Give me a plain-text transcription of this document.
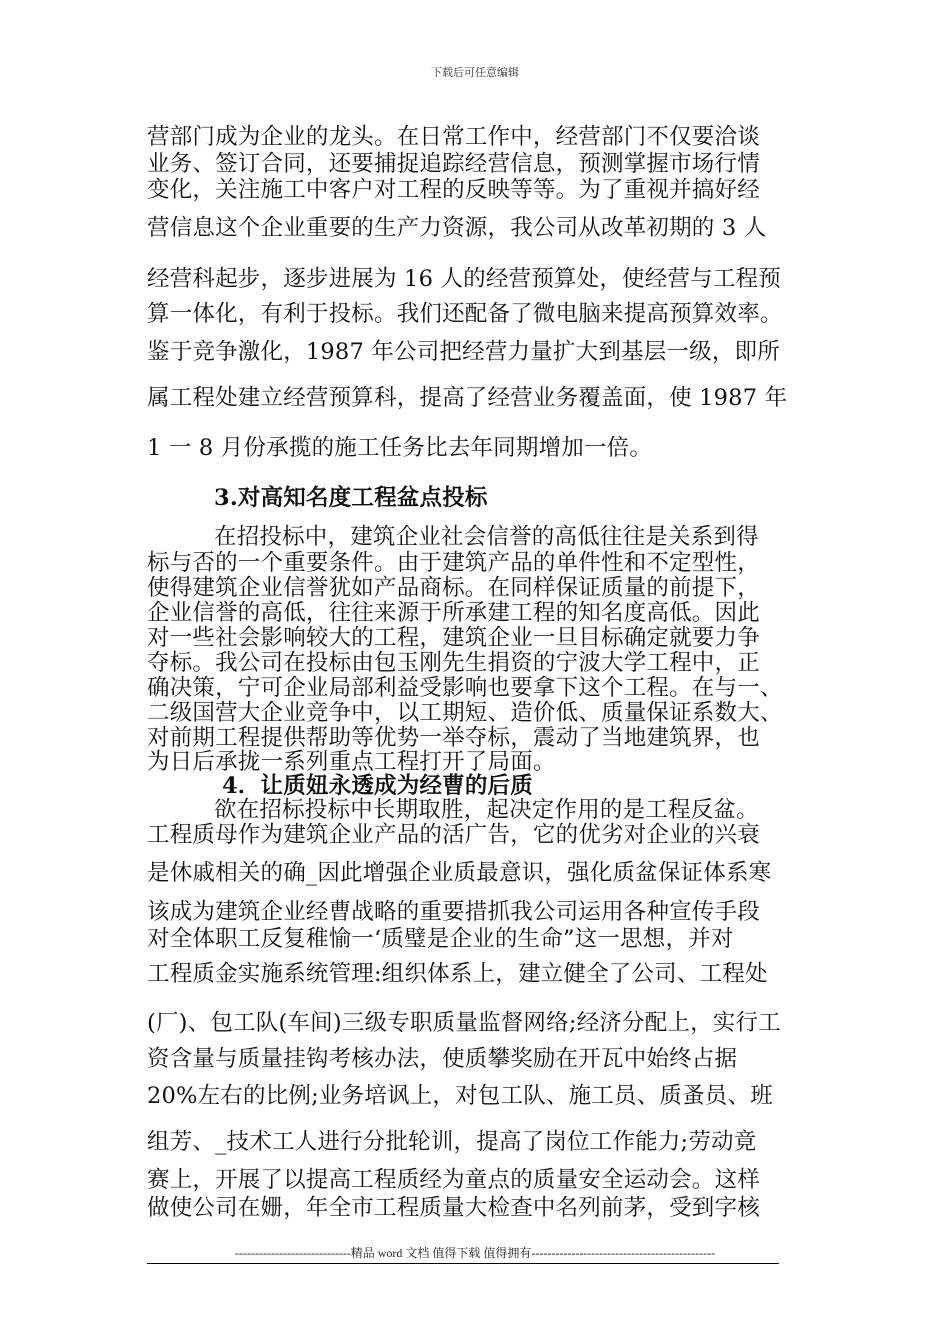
下载后可任意编辑
营部门成为企业的龙头。在日常工作中，经营部门不仅要洽谈
业务、签订合同，还要捕捉追踪经营信息，预测掌握市场行情
变化，关注施工中客户对工程的反映等等。为了重视并搞好经
营信息这个企业重要的生产力资源，我公司从改革初期的 3 人
经营科起步，逐步进展为 16 人的经营预算处，使经营与工程预
算一体化，有利于投标。我们还配备了微电脑来提高预算效率。
鉴于竞争激化，1987 年公司把经营力量扩大到基层一级，即所
属工程处建立经营预算科，提高了经营业务覆盖面，使 1987 年
1 一 8 月份承揽的施工任务比去年同期增加一倍。
3.对高知名度工程盆点投标
在招投标中，建筑企业社会信誉的高低往往是关系到得
标与否的一个重要条件。由于建筑产品的单件性和不定型性，
使得建筑企业信誉犹如产品商标。在同样保证质量的前提下，
企业信誉的高低，往往来源于所承建工程的知名度高低。因此
对一些社会影响较大的工程，建筑企业一旦目标确定就要力争
夺标。我公司在投标由包玉刚先生捐资的宁波大学工程中，正
确决策，宁可企业局部利益受影响也要拿下这个工程。在与一、
二级国营大企业竞争中，以工期短、造价低、质量保证系数大、
对前期工程提供帮助等优势一举夺标，震动了当地建筑界，也
为日后承拢一系列重点工程打开了局面。
4．让质妞永透成为经曹的后质
欲在招标投标中长期取胜，起决定作用的是工程反盆。
工程质母作为建筑企业产品的活广告，它的优劣对企业的兴衰
是休戚相关的确_因此增强企业质最意识，强化质盆保证体系寒
该成为建筑企业经曹战略的重要措抓我公司运用各种宣传手段
对全体职工反复稚愉一‘质璧是企业的生命”这一思想，并对
工程质金实施系统管理:组织体系上，建立健全了公司、工程处
(厂)、包工队(车间)三级专职质量监督网络;经济分配上，实行工
资含量与质量挂钩考核办法，使质攀奖励在开瓦中始终占据
20%左右的比例;业务培讽上，对包工队、施工员、质蚤员、班
组芳、_技术工人进行分批轮训，提高了岗位工作能力;劳动竟
赛上，开展了以提高工程质经为童点的质量安全运动会。这样
做使公司在姗，年全市工程质量大检查中名列前茅，受到字核
-----------------------------精品 word 文档 值得下载 值得拥有----------------------------------------------
